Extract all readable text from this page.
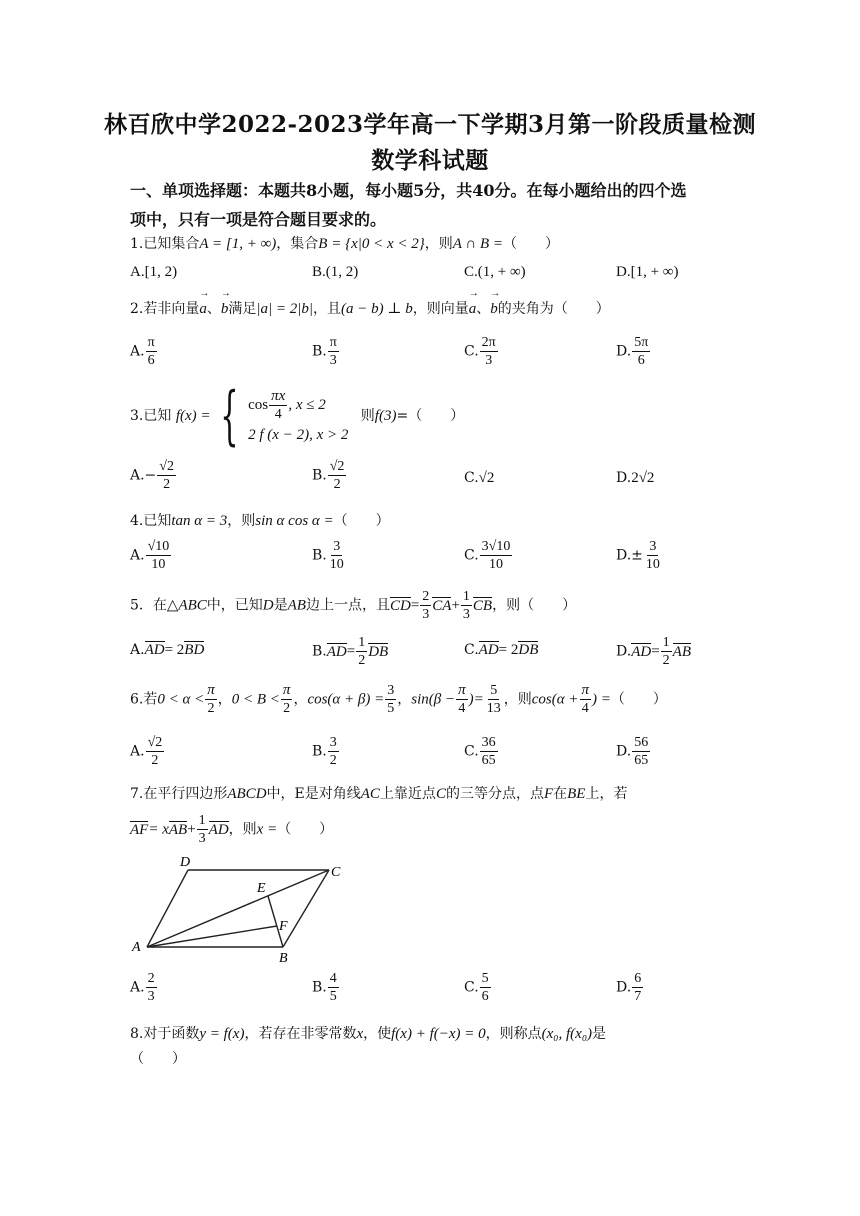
林百欣中学2022-2023学年高一下学期3月第一阶段质量检测
数学科试题
一、单项选择题：本题共8小题，每小题5分，共40分。在每小题给出的四个选
项中，只有一项是符合题目要求的。
1.已知集合A = [1, + ∞)，集合B = {x|0 < x < 2}，则A ∩ B =（　　）
A.[1, 2)	B.(1, 2)	C.(1, + ∞)	D.[1, + ∞)
2.若非向量→ a、→ b满足|a| = 2|b|，且(a − b) ⊥ b，则向量→ a、→ b的夹角为（　　）
A. $\frac{\pi}{6}$	B. $\frac{\pi}{3}$	C. $\frac{2\pi}{3}$	D. $\frac{5\pi}{6}$
3.已知 f(x) = { $\cos \frac{\pi x}{4}$ , x ≤ 2
2 f (x − 2), x > 2
则f(3)=（　　）
$A.- \frac{√2}{2}$	B. $\frac{√2}{2}$	C.√2	D.2√2
4.已知tan α = 3，则sin α cos α =（　　）
A. $\frac{√10}{10}$	B. $\frac{3}{10}$	C. $\frac{3√10}{10}$	$D.\pm \frac{3}{10}$
5．在△ABC中，已知D是AB边上一点，且$CD= \frac{2}{3} CA+ \frac{1}{3}$ CB，则（　　）
A.AD= 2BD	$B.AD= \frac{1}{2}$ DB	C.AD= 2DB	$D.AD= \frac{1}{2}$ AB
6.若$0 < \alpha < \frac{\pi}{2}$ ，$0 < B < \frac{\pi}{2}$ ，$\cos(\alpha + \beta) = \frac{3}{5}$ ，$\sin(\beta - \frac{\pi}{4}$ )= $\frac{5}{13}$ ，则$\cos(\alpha + \frac{\pi}{4}$ ) =（　　）
A. $\frac{√2}{2}$	B. $\frac{3}{2}$	C. $\frac{36}{65}$	D. $\frac{56}{65}$
7.在平行四边形ABCD中，E是对角线AC上靠近点C的三等分点，点F在BE上，若
$AF= xAB+ \frac{1}{3}$ AD，则x =（　　）
D
C
E
F
A
B
A. $\frac{2}{3}$	B. $\frac{4}{5}$	C. $\frac{5}{6}$	D. $\frac{6}{7}$
8.对于函数y = f(x)，若存在非零常数x，使f(x) + f(−x) = 0，则称点(x₀, f(x₀)是
（　　）
